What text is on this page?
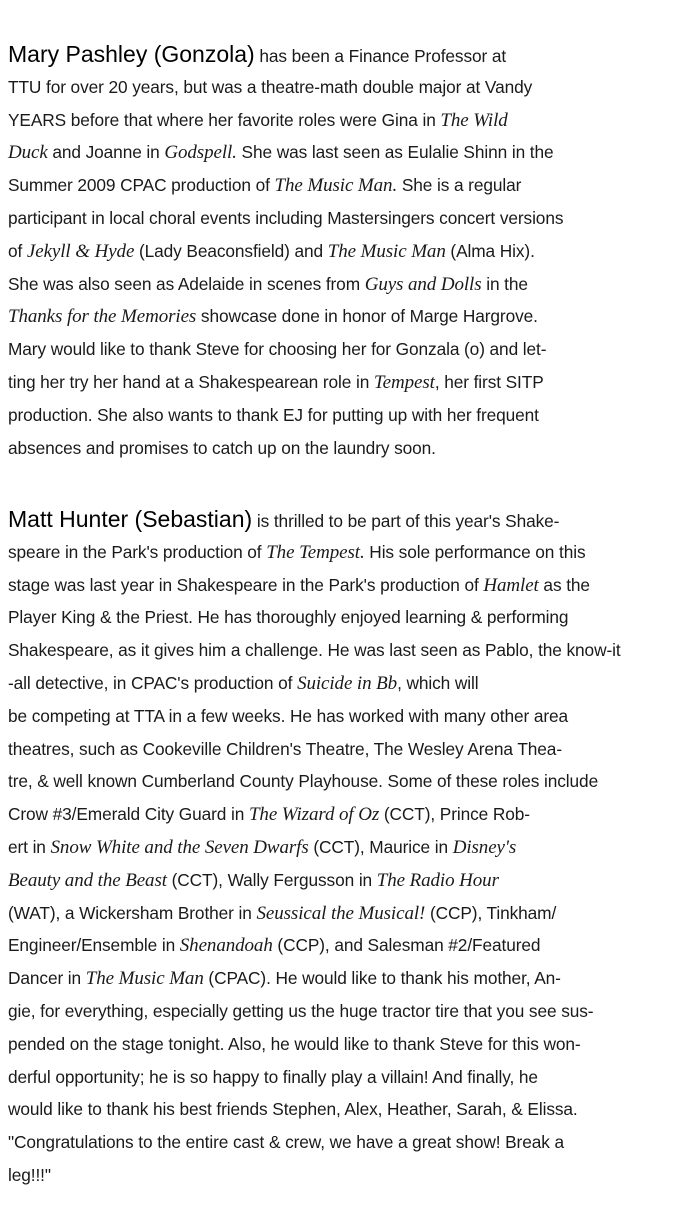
Mary Pashley (Gonzola) has been a Finance Professor at
TTU for over 20 years, but was a theatre-math double major at Vandy
YEARS before that where her favorite roles were Gina in The Wild
Duck and Joanne in Godspell. She was last seen as Eulalie Shinn in the
Summer 2009 CPAC production of The Music Man. She is a regular
participant in local choral events including Mastersingers concert versions
of Jekyll & Hyde (Lady Beaconsfield) and The Music Man (Alma Hix).
She was also seen as Adelaide in scenes from Guys and Dolls in the
Thanks for the Memories showcase done in honor of Marge Hargrove.
Mary would like to thank Steve for choosing her for Gonzala (o) and let-
ting her try her hand at a Shakespearean role in Tempest, her first SITP
production. She also wants to thank EJ for putting up with her frequent
absences and promises to catch up on the laundry soon.
Matt Hunter (Sebastian) is thrilled to be part of this year's Shake-
speare in the Park's production of The Tempest. His sole performance on this
stage was last year in Shakespeare in the Park's production of Hamlet as the
Player King & the Priest. He has thoroughly enjoyed learning & performing
Shakespeare, as it gives him a challenge. He was last seen as Pablo, the know-it
-all detective, in CPAC's production of Suicide in Bb, which will
be competing at TTA in a few weeks. He has worked with many other area
theatres, such as Cookeville Children's Theatre, The Wesley Arena Thea-
tre, & well known Cumberland County Playhouse. Some of these roles include
Crow #3/Emerald City Guard in The Wizard of Oz (CCT), Prince Rob-
ert in Snow White and the Seven Dwarfs (CCT), Maurice in Disney's
Beauty and the Beast (CCT), Wally Fergusson in The Radio Hour
(WAT), a Wickersham Brother in Seussical the Musical! (CCP), Tinkham/
Engineer/Ensemble in Shenandoah (CCP), and Salesman #2/Featured
Dancer in The Music Man (CPAC). He would like to thank his mother, An-
gie, for everything, especially getting us the huge tractor tire that you see sus-
pended on the stage tonight. Also, he would like to thank Steve for this won-
derful opportunity; he is so happy to finally play a villain! And finally, he
would like to thank his best friends Stephen, Alex, Heather, Sarah, & Elissa.
"Congratulations to the entire cast & crew, we have a great show! Break a
leg!!!"
